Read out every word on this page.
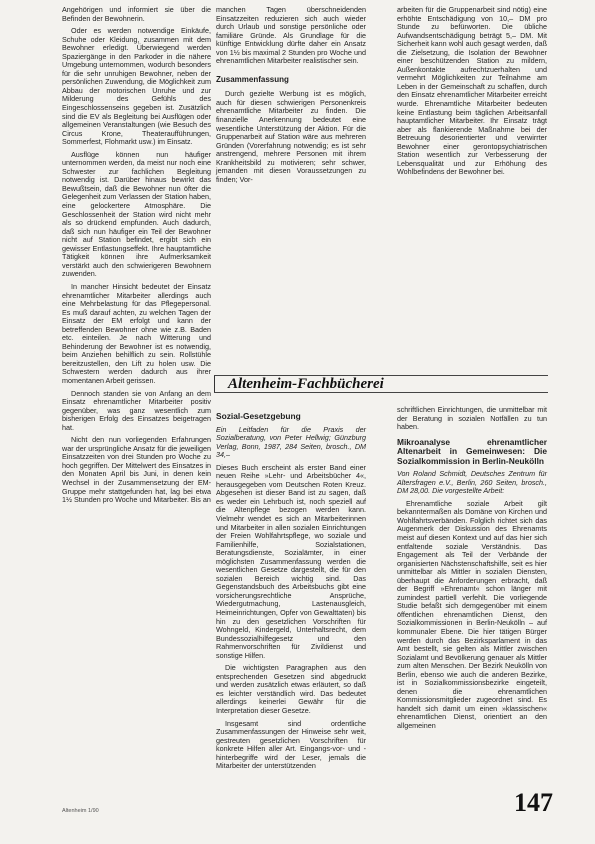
Angehörigen und informiert sie über die Befinden der Bewohnerin.

Oder es werden notwendige Einkäufe, Schuhe oder Kleidung, zusammen mit dem Bewohner erledigt. Überwiegend werden Spaziergänge in den Parkoder in die nähere Umgebung unternommen, wodurch besonders für die sehr unruhigen Bewohner, neben der persönlichen Zuwendung, die Möglichkeit zum Abbau der motorischen Unruhe und zur Milderung des Gefühls des Eingeschlossenseins gegeben ist. Zusätzlich sind die EV als Begleitung bei Ausflügen oder allgemeinen Veranstaltungen (wie Besuch des Circus Krone, Theateraufführungen, Sommerfest, Flohmarkt usw.) im Einsatz.

Ausflüge können nun häufiger unternommen werden, da meist nur noch eine Schwester zur fachlichen Begleitung notwendig ist. Darüber hinaus bewirkt das Bewußtsein, daß die Bewohner nun öfter die Gelegenheit zum Verlassen der Station haben, eine gelockertere Atmosphäre. Die Geschlossenheit der Station wird nicht mehr als so drückend empfunden. Auch dadurch, daß sich nun häufiger ein Teil der Bewohner nicht auf Station befindet, ergibt sich ein gewisser Entlastungseffekt. Ihre hauptamtliche Tätigkeit können ihre Aufmerksamkeit verstärkt auch den schwierigeren Bewohnern zuwenden.

In mancher Hinsicht bedeutet der Einsatz ehrenamtlicher Mitarbeiter allerdings auch eine Mehrbelastung für das Pflegepersonal. Es muß darauf achten, zu welchen Tagen der Einsatz der EM erfolgt und kann der betreffenden Bewohner ohne wie z.B. Baden etc. einteilen. Je nach Witterung und Behinderung der Bewohner ist es notwendig, beim Anziehen behilflich zu sein. Rollstühle bereitzustellen, den Lift zu holen usw. Die Schwestern werden dadurch aus ihrer momentanen Arbeit gerissen.

Dennoch standen sie von Anfang an dem Einsatz ehrenamtlicher Mitarbeiter positiv gegenüber, was ganz wesentlich zum bisherigen Erfolg des Einsatzes beigetragen hat.

Nicht den nun vorliegenden Erfahrungen war der ursprüngliche Ansatz für die jeweiligen Einsatzzeiten von drei Stunden pro Woche zu hoch gegriffen. Der Mittelwert des Einsatzes in den Monaten April bis Juni, in denen kein Wechsel in der Zusammensetzung der EM-Gruppe mehr stattgefunden hat, lag bei etwa 1½ Stunden pro Woche und Mitarbeiter. Bis an

manchen Tagen überschneidenden Einsatzzeiten reduzieren sich auch wieder durch Urlaub und sonstige persönliche oder familiäre Gründe. Als Grundlage für die künftige Entwicklung dürfte daher ein Ansatz von 1½ bis maximal 2 Stunden pro Woche und ehrenamtlichen Mitarbeiter realistischer sein.

Zusammenfassung

Durch gezielte Werbung ist es möglich, auch für diesen schwierigen Personenkreis ehrenamtliche Mitarbeiter zu finden. Die finanzielle Anerkennung bedeutet eine wesentliche Unterstützung der Aktion. Für die Gruppenarbeit auf Station wäre aus mehreren Gründen (Vorerfahrung notwendig; es ist sehr anstrengend, mehrere Personen mit ihrem Krankheitsbild zu motivieren; sehr schwer, jemanden mit diesen Voraussetzungen zu finden; Vor-

arbeiten für die Gruppenarbeit sind nötig) eine erhöhte Entschädigung von 10,– DM pro Stunde zu befürworten. Die übliche Aufwandsentschädigung beträgt 5,– DM. Mit Sicherheit kann wohl auch gesagt werden, daß die Zielsetzung, die Isolation der Bewohner einer beschützenden Station zu mildern, Außenkontakte aufrechtzuerhalten und vermehrt Möglichkeiten zur Teilnahme am Leben in der Gemeinschaft zu schaffen, durch den Einsatz ehrenamtlicher Mitarbeiter erreicht wurde. Ehrenamtliche Mitarbeiter bedeuten keine Entlastung beim täglichen Arbeitsanfall hauptamtlicher Mitarbeiter. Ihr Einsatz trägt aber als flankierende Maßnahme bei der Betreuung desorientierter und verwirrter Bewohner einer gerontopsychiatrischen Station wesentlich zur Verbesserung der Lebensqualität und zur Erhöhung des Wohlbefindens der Bewohner bei.

Altenheim-Fachbücherei

Sozial-Gesetzgebung

Ein Leitfaden für die Praxis der Sozialberatung, von Peter Hellwig; Günzburg Verlag, Bonn, 1987, 284 Seiten, brosch., DM 34,–

Dieses Buch erscheint als erster Band einer neuen Reihe »Lehr- und Arbeitsbücher 4«, herausgegeben vom Deutschen Roten Kreuz. Abgesehen ist dieser Band ist zu sagen, daß es weder ein Lehrbuch ist, noch speziell auf die Altenpflege bezogen werden kann. Vielmehr wendet es sich an Mitarbeiterinnen und Mitarbeiter in allen sozialen Einrichtungen der Freien Wohlfahrtspflege, wo soziale und Familienhilfe, Sozialstationen, Beratungsdienste, Sozialämter, in einer möglichsten Zusammenfassung werden die wesentlichen Gesetze dargestellt, die für den sozialen Bereich wichtig sind. Das Gegenstandsbuch des Arbeitsbuchs gibt eine vorsicherungsrechtliche Ansprüche, Wiedergutmachung, Lastenausgleich, Heimeinrichtungen, Opfer von Gewalttaten) bis hin zu den gesetzlichen Vorschriften für Wohngeld, Kindergeld, Unterhaltsrecht, dem Bundessozialhilfegesetz und den Rahmenvorschriften für Zivildienst und sonstige Hilfen.

Die wichtigsten Paragraphen aus den entsprechenden Gesetzen sind abgedruckt und werden zusätzlich etwas erläutert, so daß es leichter verständlich wird. Das bedeutet allerdings keinerlei Gewähr für die Interpretation dieser Gesetze.

Insgesamt sind ordentliche Zusammenfassungen der Hinweise sehr weit, gestreuten gesetzlichen Vorschriften für konkrete Hilfen aller Art. Eingangs-vor- und -hinterbegriffe wird der Leser, jemals die Mitarbeiter der unterstützenden

schriftlichen Einrichtungen, die unmittelbar mit der Beratung in sozialen Notfällen zu tun haben.

Mikroanalyse ehrenamtlicher Altenarbeit in Gemeinwesen: Die Sozialkommission in Berlin-Neukölln

Von Roland Schmidt, Deutsches Zentrum für Altersfragen e.V., Berlin, 260 Seiten, brosch., DM 28,00. Die vorgestellte Arbeit:

Ehrenamtliche soziale Arbeit gilt bekanntermaßen als Domäne von Kirchen und Wohlfahrtsverbänden. Folglich richtet sich das Augenmerk der Diskussion des Ehrenamts meist auf diesen Kontext und auf das hier sich entfaltende soziale Verständnis. Das Engagement als Teil der Verbände der organisierten Nächstenschaftshilfe, seit es hier unmittelbar als Mittler in sozialen Diensten, überhaupt die Anforderungen erbracht, daß der Begriff »Ehrenamt« schon länger mit zumindest partiell verfehlt. Die vorliegende Studie befaßt sich demgegenüber mit einem öffentlichen ehrenamtlichen Dienst, den Sozialkommissionen in Berlin-Neukölln – auf kommunaler Ebene. Die hier tätigen Bürger werden durch das Bezirksparlament in das Amt bestellt, sie gelten als Mittler zwischen Sozialamt und Bevölkerung genauer als Mittler zum alten Menschen. Der Bezirk Neukölln von Berlin, ebenso wie auch die anderen Bezirke, ist in Sozialkommissionsbezirke eingeteilt, denen die ehrenamtlichen Kommissionsmitglieder zugeordnet sind. Es handelt sich damit um einen »klassischen« ehrenamtlichen Dienst, orientiert an den allgemeinen

Altenheim 1/90	147
